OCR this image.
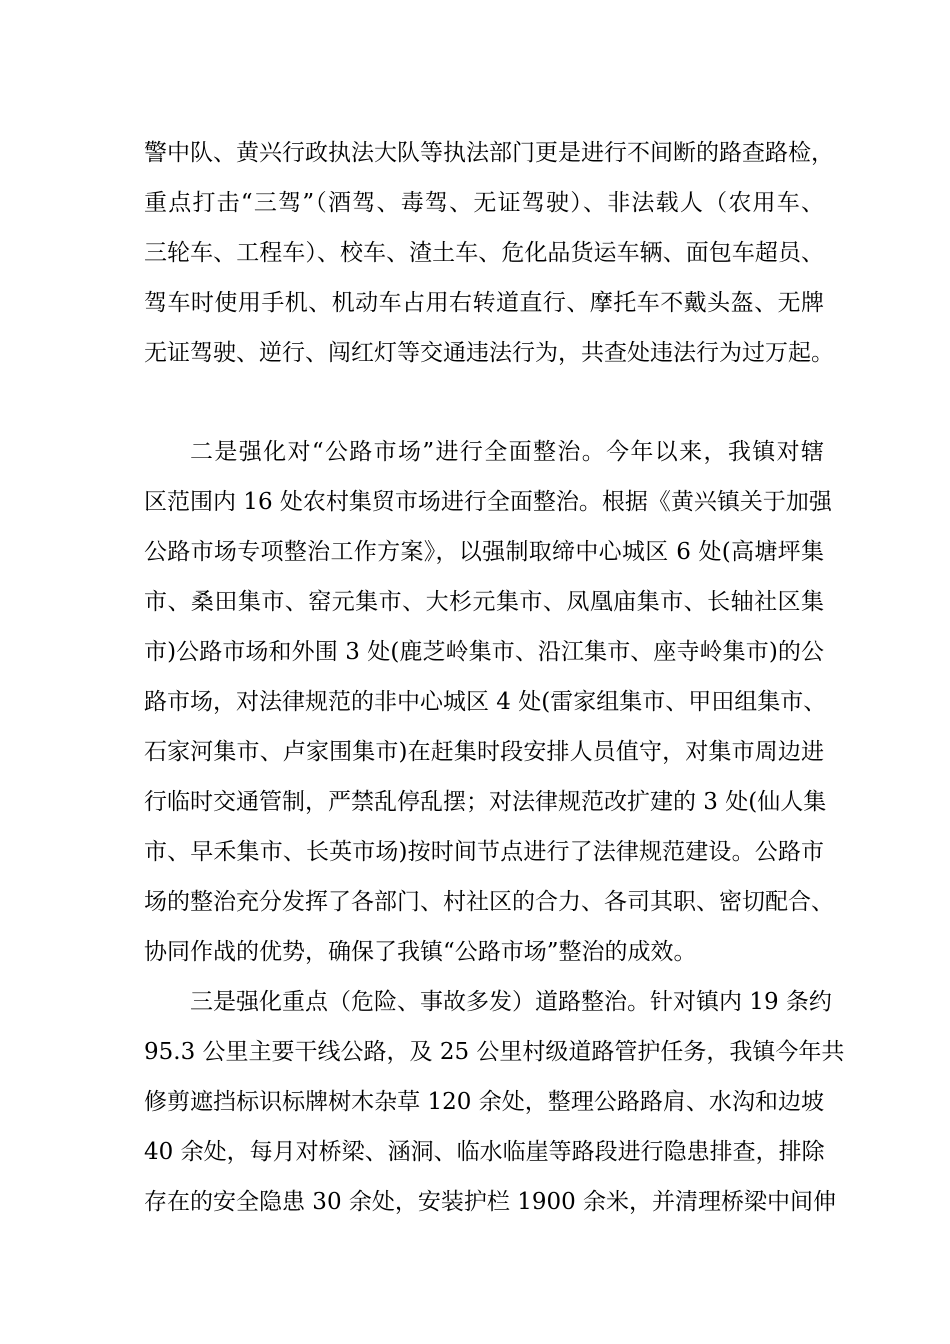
警中队、黄兴行政执法大队等执法部门更是进行不间断的路查路检，
重点打击“三驾”（酒驾、毒驾、无证驾驶）、非法载人（农用车、
三轮车、工程车）、校车、渣土车、危化品货运车辆、面包车超员、
驾车时使用手机、机动车占用右转道直行、摩托车不戴头盔、无牌
无证驾驶、逆行、闯红灯等交通违法行为，共查处违法行为过万起。
二是强化对“公路市场”进行全面整治。今年以来，我镇对辖
区范围内 16 处农村集贸市场进行全面整治。根据《黄兴镇关于加强
公路市场专项整治工作方案》，以强制取缔中心城区 6 处(高塘坪集
市、桑田集市、窑元集市、大杉元集市、凤凰庙集市、长轴社区集
市)公路市场和外围 3 处(鹿芝岭集市、沿江集市、座寺岭集市)的公
路市场，对法律规范的非中心城区 4 处(雷家组集市、甲田组集市、
石家河集市、卢家围集市)在赶集时段安排人员值守，对集市周边进
行临时交通管制，严禁乱停乱摆；对法律规范改扩建的 3 处(仙人集
市、早禾集市、长英市场)按时间节点进行了法律规范建设。公路市
场的整治充分发挥了各部门、村社区的合力、各司其职、密切配合、
协同作战的优势，确保了我镇“公路市场”整治的成效。
三是强化重点（危险、事故多发）道路整治。针对镇内 19 条约
95.3 公里主要干线公路，及 25 公里村级道路管护任务，我镇今年共
修剪遮挡标识标牌树木杂草 120 余处，整理公路路肩、水沟和边坡
40 余处，每月对桥梁、涵洞、临水临崖等路段进行隐患排查，排除
存在的安全隐患 30 余处，安装护栏 1900 余米，并清理桥梁中间伸
